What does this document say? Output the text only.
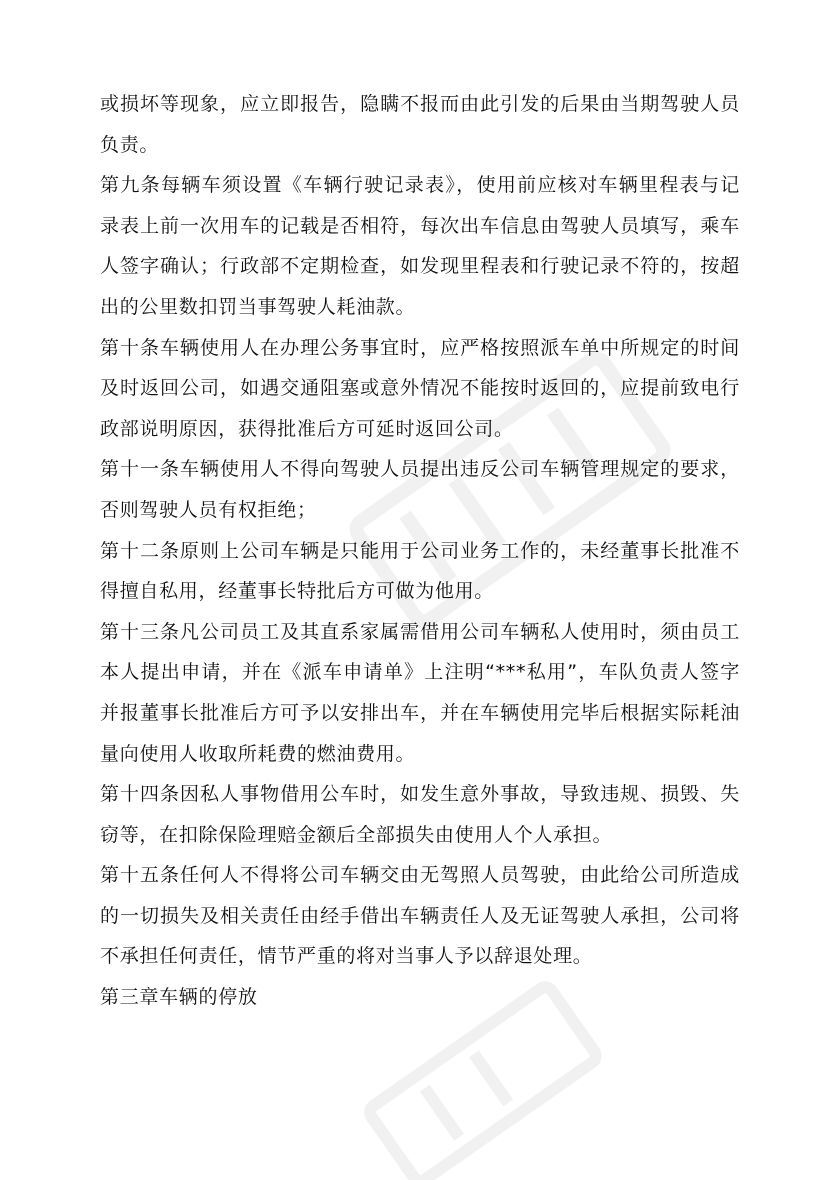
或损坏等现象，应立即报告，隐瞒不报而由此引发的后果由当期驾驶人员负责。

第九条每辆车须设置《车辆行驶记录表》，使用前应核对车辆里程表与记录表上前一次用车的记载是否相符，每次出车信息由驾驶人员填写，乘车人签字确认；行政部不定期检查，如发现里程表和行驶记录不符的，按超出的公里数扣罚当事驾驶人耗油款。

第十条车辆使用人在办理公务事宜时，应严格按照派车单中所规定的时间及时返回公司，如遇交通阻塞或意外情况不能按时返回的，应提前致电行政部说明原因，获得批准后方可延时返回公司。

第十一条车辆使用人不得向驾驶人员提出违反公司车辆管理规定的要求，否则驾驶人员有权拒绝；

第十二条原则上公司车辆是只能用于公司业务工作的，未经董事长批准不得擅自私用，经董事长特批后方可做为他用。

第十三条凡公司员工及其直系家属需借用公司车辆私人使用时，须由员工本人提出申请，并在《派车申请单》上注明“***私用”，车队负责人签字并报董事长批准后方可予以安排出车，并在车辆使用完毕后根据实际耗油量向使用人收取所耗费的燃油费用。

第十四条因私人事物借用公车时，如发生意外事故，导致违规、损毁、失窃等，在扣除保险理赔金额后全部损失由使用人个人承担。

第十五条任何人不得将公司车辆交由无驾照人员驾驶，由此给公司所造成的一切损失及相关责任由经手借出车辆责任人及无证驾驶人承担，公司将不承担任何责任，情节严重的将对当事人予以辞退处理。

第三章车辆的停放
